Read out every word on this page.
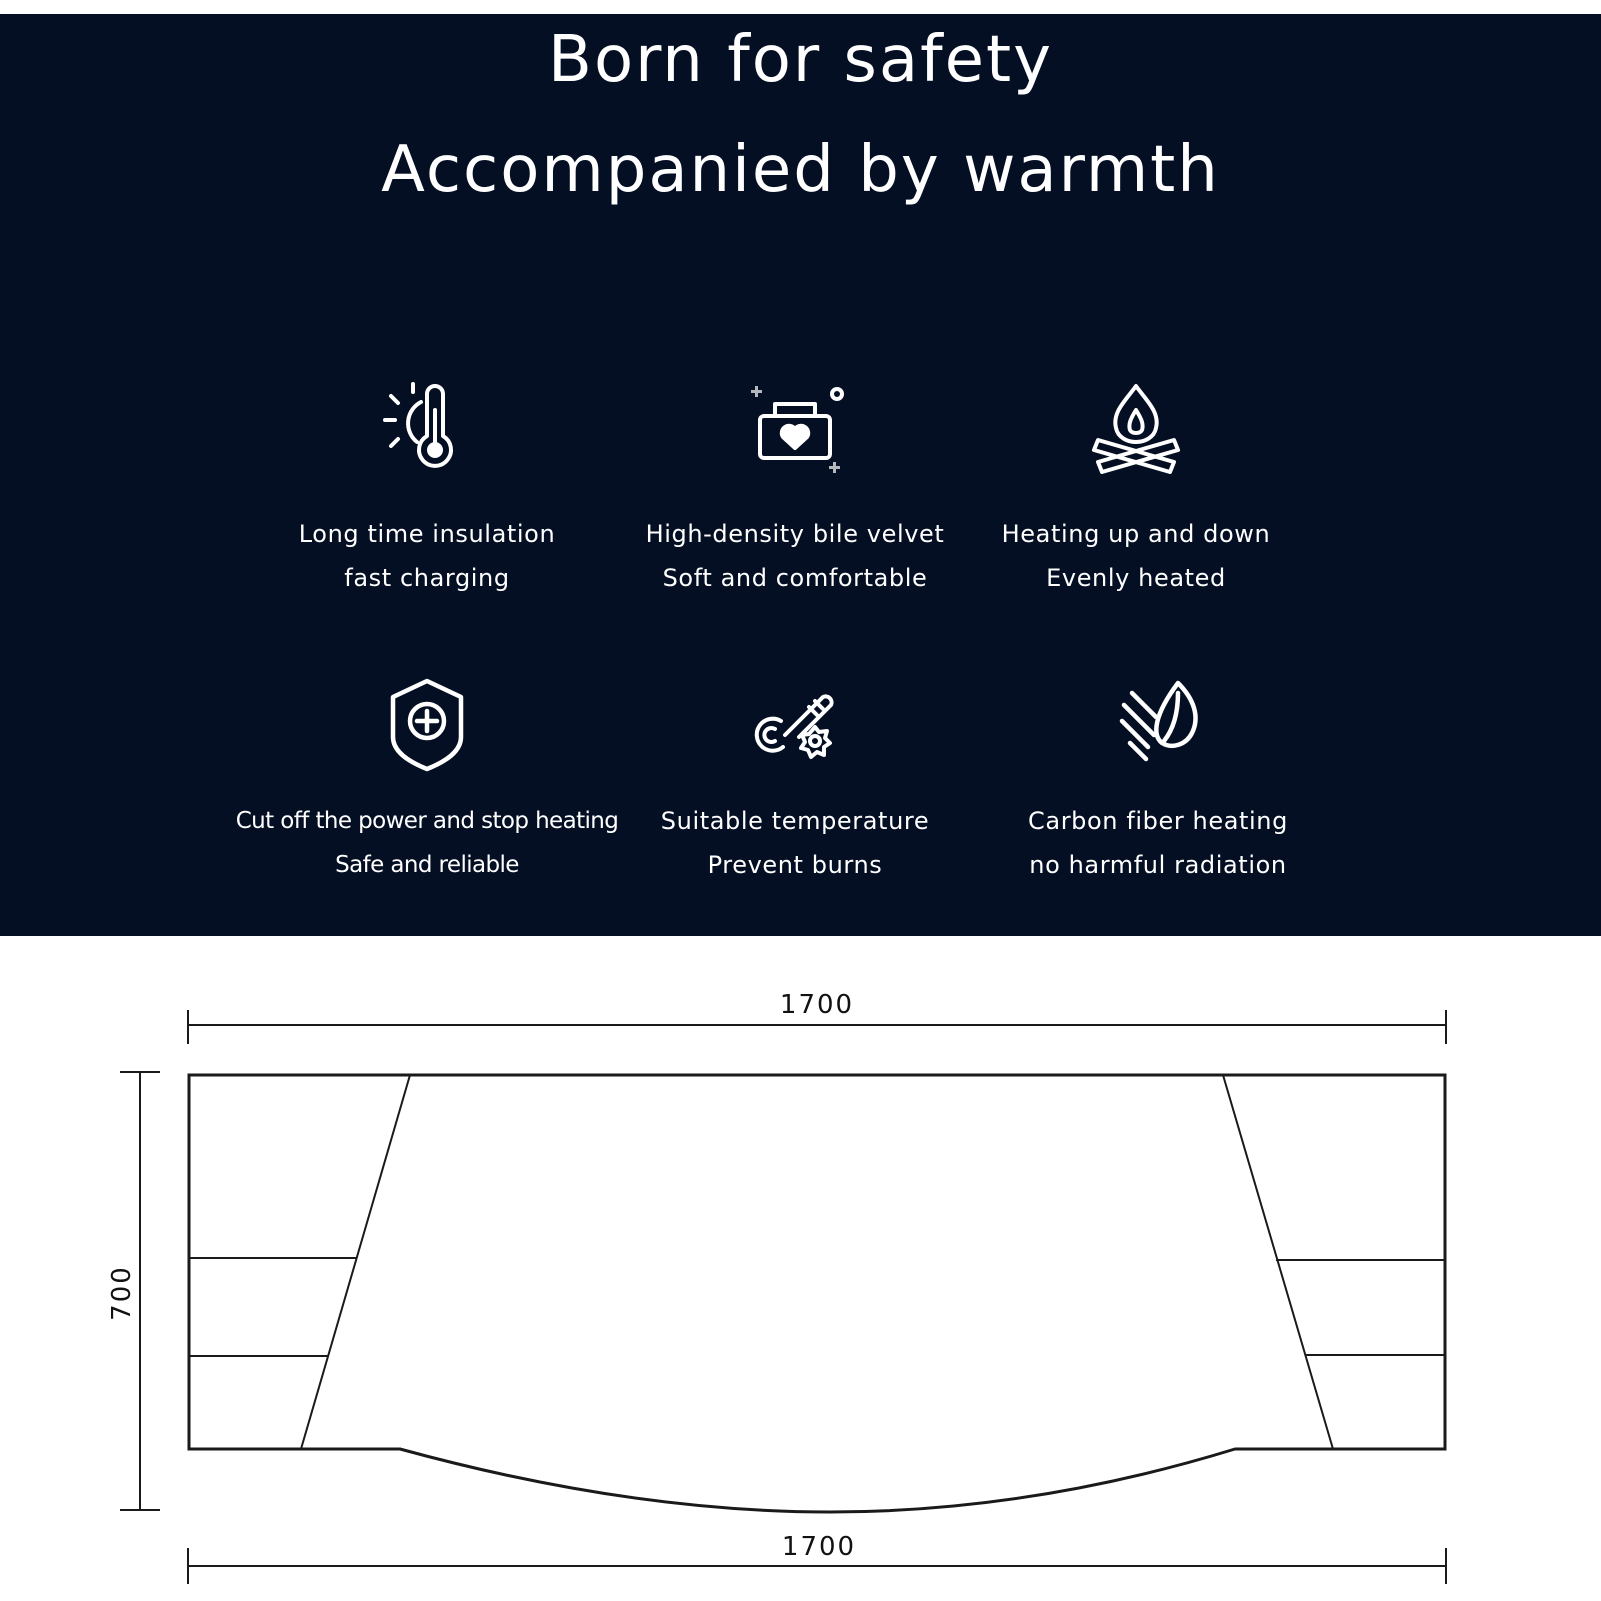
Born for safety
Accompanied by warmth
Long time insulation
fast charging
High-density bile velvet
Soft and comfortable
Heating up and down
Evenly heated
Cut off the power and stop heating
Safe and reliable
Suitable temperature
Prevent burns
Carbon fiber heating
no harmful radiation
1700
700
1700
